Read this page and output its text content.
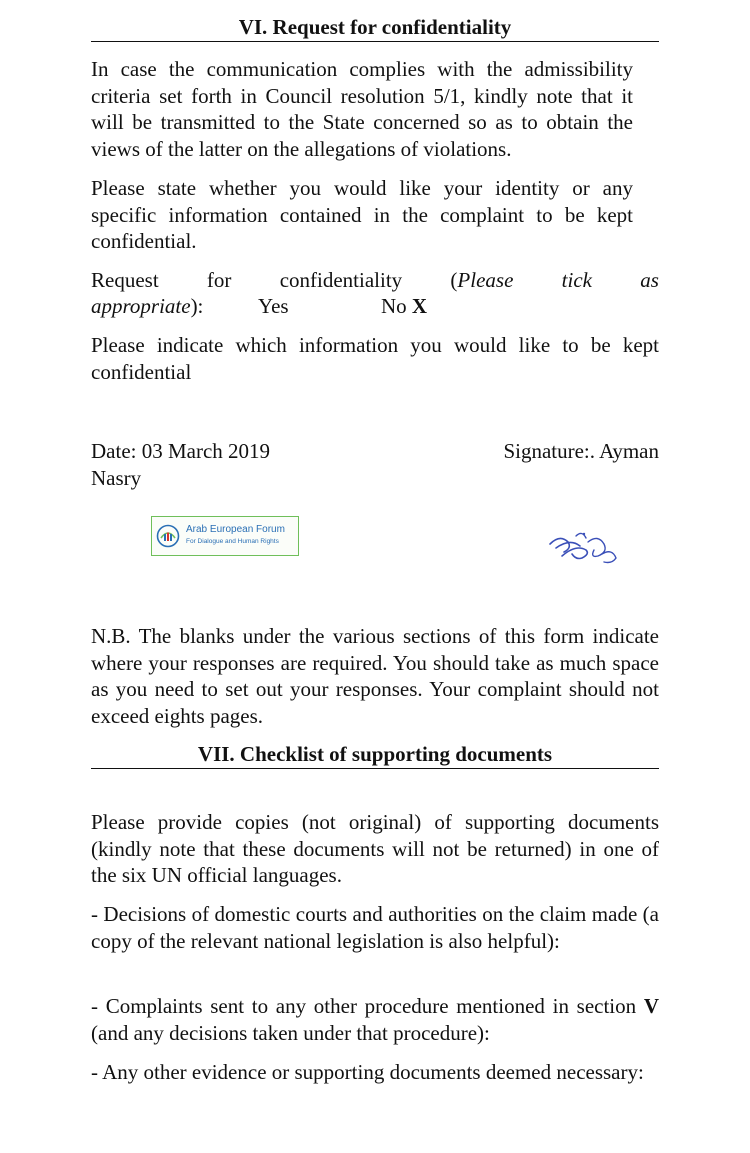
VI. Request for confidentiality

In case the communication complies with the admissibility criteria set forth in Council resolution 5/1, kindly note that it will be transmitted to the State concerned so as to obtain the views of the latter on the allegations of violations.

Please state whether you would like your identity or any specific information contained in the complaint to be kept confidential.

Request for confidentiality (Please tick as
appropriate):	Yes	No X

Please indicate which information you would like to be kept confidential

Date: 03 March 2019	Signature:. Ayman
Nasry
Arab European Forum
For Dialogue and Human Rights

N.B. The blanks under the various sections of this form indicate where your responses are required. You should take as much space as you need to set out your responses. Your complaint should not exceed eights pages.

VII. Checklist of supporting documents

Please provide copies (not original) of supporting documents (kindly note that these documents will not be returned) in one of the six UN official languages.

- Decisions of domestic courts and authorities on the claim made (a copy of the relevant national legislation is also helpful):

- Complaints sent to any other procedure mentioned in section V (and any decisions taken under that procedure):

- Any other evidence or supporting documents deemed necessary:
